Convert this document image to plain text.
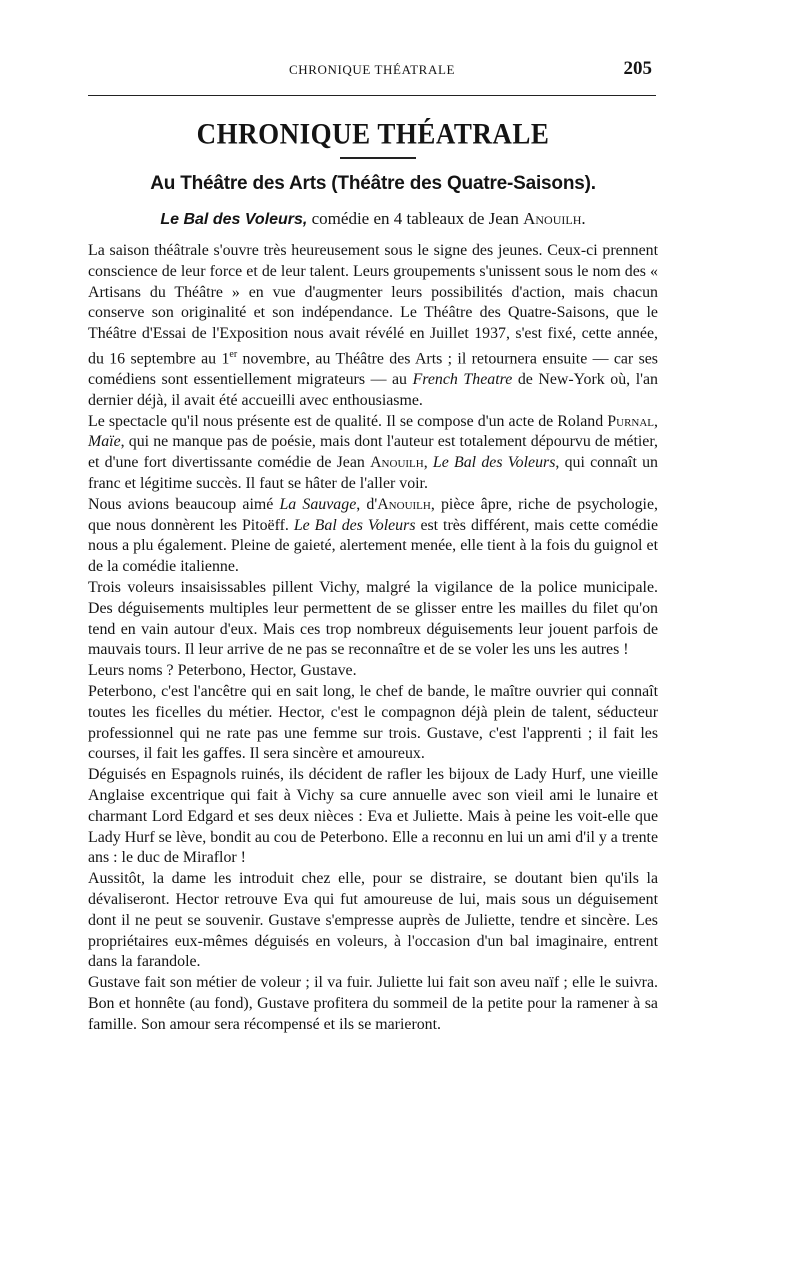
CHRONIQUE THÉATRALE	205
CHRONIQUE THÉATRALE
Au Théâtre des Arts (Théâtre des Quatre-Saisons).
Le Bal des Voleurs, comédie en 4 tableaux de Jean Anouilh.
La saison théâtrale s'ouvre très heureusement sous le signe des jeunes. Ceux-ci prennent conscience de leur force et de leur talent. Leurs groupements s'unissent sous le nom des « Artisans du Théâtre » en vue d'augmenter leurs possibilités d'action, mais chacun conserve son originalité et son indépendance. Le Théâtre des Quatre-Saisons, que le Théâtre d'Essai de l'Exposition nous avait révélé en Juillet 1937, s'est fixé, cette année, du 16 septembre au 1er novembre, au Théâtre des Arts ; il retournera ensuite — car ses comédiens sont essentiellement migrateurs — au French Theatre de New-York où, l'an dernier déjà, il avait été accueilli avec enthousiasme.
Le spectacle qu'il nous présente est de qualité. Il se compose d'un acte de Roland Purnal, Maïe, qui ne manque pas de poésie, mais dont l'auteur est totalement dépourvu de métier, et d'une fort divertissante comédie de Jean Anouilh, Le Bal des Voleurs, qui connaît un franc et légitime succès. Il faut se hâter de l'aller voir.
Nous avions beaucoup aimé La Sauvage, d'Anouilh, pièce âpre, riche de psychologie, que nous donnèrent les Pitoëff. Le Bal des Voleurs est très différent, mais cette comédie nous a plu également. Pleine de gaieté, alertement menée, elle tient à la fois du guignol et de la comédie italienne.
Trois voleurs insaisissables pillent Vichy, malgré la vigilance de la police municipale. Des déguisements multiples leur permettent de se glisser entre les mailles du filet qu'on tend en vain autour d'eux. Mais ces trop nombreux déguisements leur jouent parfois de mauvais tours. Il leur arrive de ne pas se reconnaître et de se voler les uns les autres !
Leurs noms ? Peterbono, Hector, Gustave.
Peterbono, c'est l'ancêtre qui en sait long, le chef de bande, le maître ouvrier qui connaît toutes les ficelles du métier. Hector, c'est le compagnon déjà plein de talent, séducteur professionnel qui ne rate pas une femme sur trois. Gustave, c'est l'apprenti ; il fait les courses, il fait les gaffes. Il sera sincère et amoureux.
Déguisés en Espagnols ruinés, ils décident de rafler les bijoux de Lady Hurf, une vieille Anglaise excentrique qui fait à Vichy sa cure annuelle avec son vieil ami le lunaire et charmant Lord Edgard et ses deux nièces : Eva et Juliette. Mais à peine les voit-elle que Lady Hurf se lève, bondit au cou de Peterbono. Elle a reconnu en lui un ami d'il y a trente ans : le duc de Miraflor !
Aussitôt, la dame les introduit chez elle, pour se distraire, se doutant bien qu'ils la dévaliseront. Hector retrouve Eva qui fut amoureuse de lui, mais sous un déguisement dont il ne peut se souvenir. Gustave s'empresse auprès de Juliette, tendre et sincère. Les propriétaires eux-mêmes déguisés en voleurs, à l'occasion d'un bal imaginaire, entrent dans la farandole.
Gustave fait son métier de voleur ; il va fuir. Juliette lui fait son aveu naïf ; elle le suivra. Bon et honnête (au fond), Gustave profitera du sommeil de la petite pour la ramener à sa famille. Son amour sera récompensé et ils se marieront.
